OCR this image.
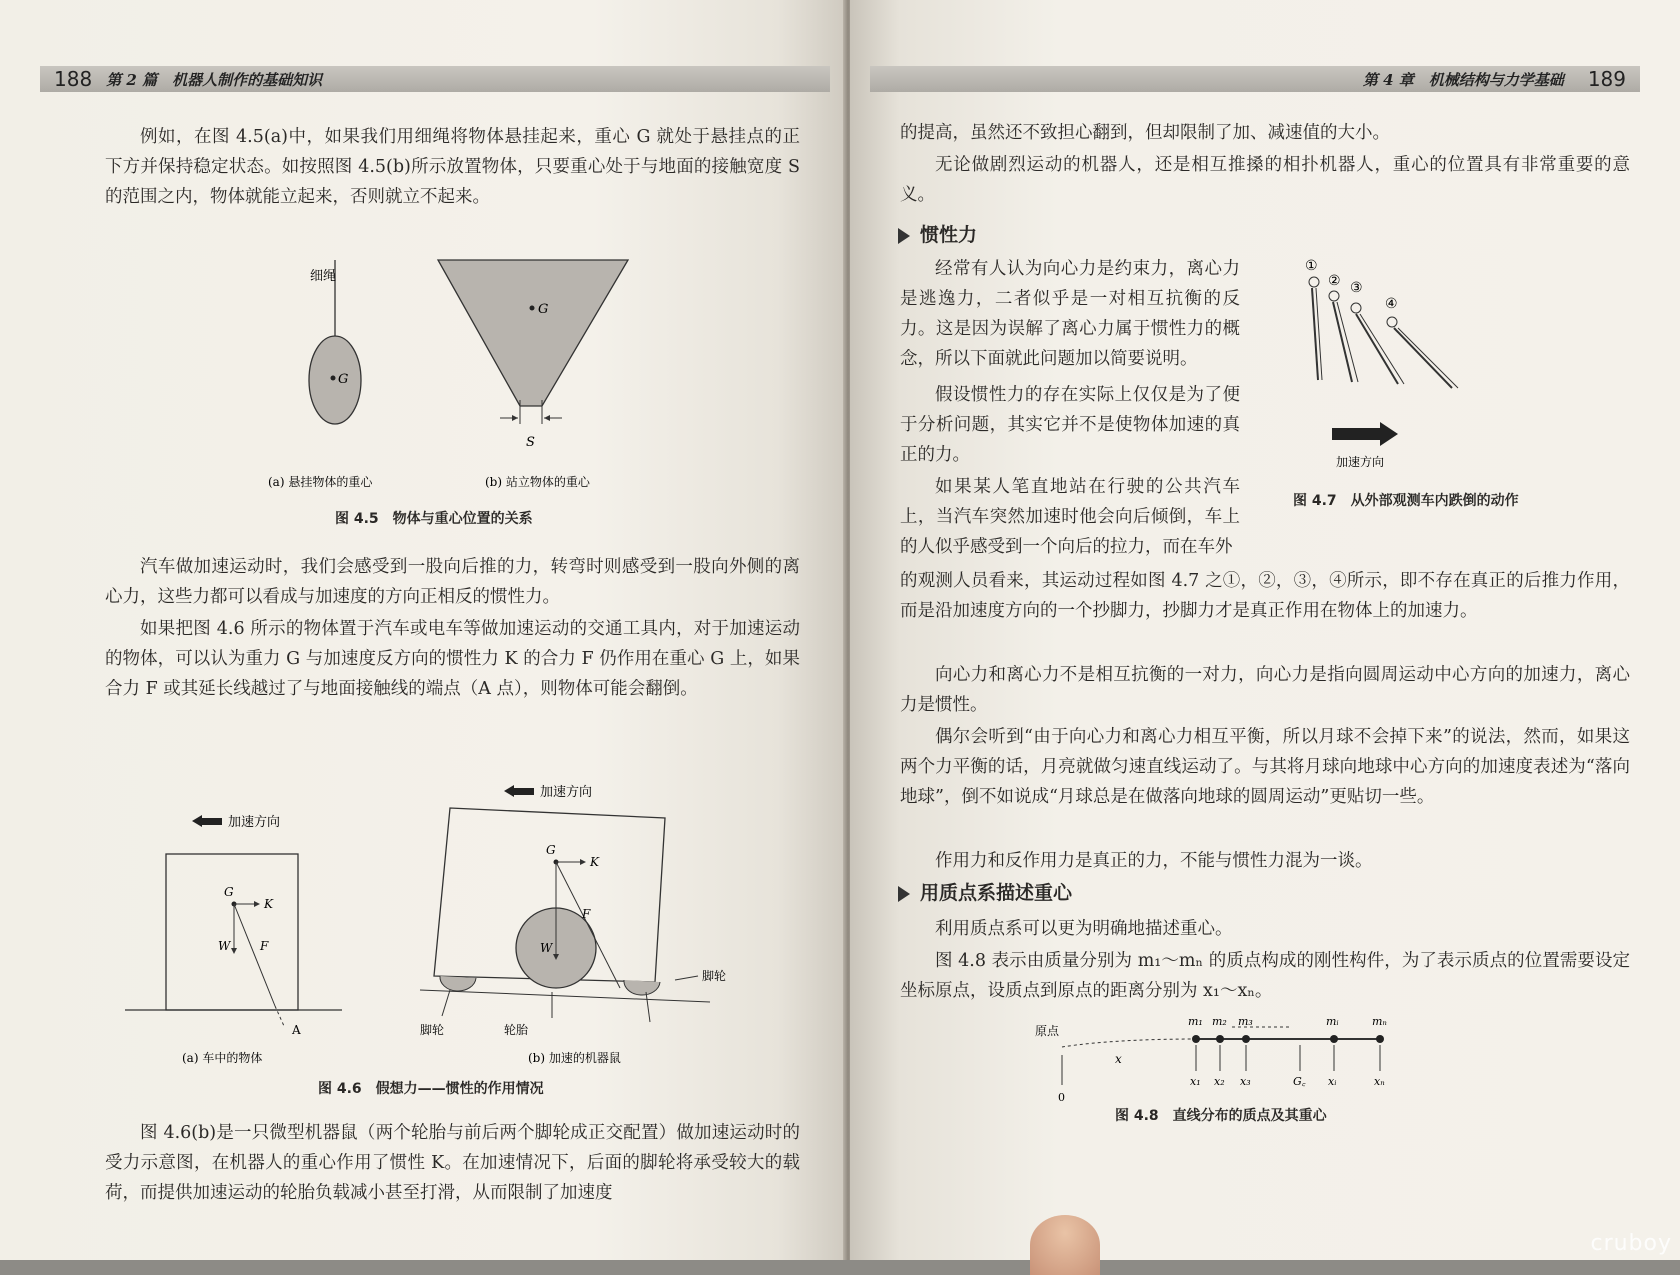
188 第 2 篇　机器人制作的基础知识

例如，在图 4.5(a)中，如果我们用细绳将物体悬挂起来，重心 G 就处于悬挂点的正下方并保持稳定状态。如按照图 4.5(b)所示放置物体，只要重心处于与地面的接触宽度 S 的范围之内，物体就能立起来，否则就立不起来。

细绳
G
G
S
(a) 悬挂物体的重心	(b) 站立物体的重心
图 4.5　物体与重心位置的关系

汽车做加速运动时，我们会感受到一股向后推的力，转弯时则感受到一股向外侧的离心力，这些力都可以看成与加速度的方向正相反的惯性力。

如果把图 4.6 所示的物体置于汽车或电车等做加速运动的交通工具内，对于加速运动的物体，可以认为重力 G 与加速度反方向的惯性力 K 的合力 F 仍作用在重心 G 上，如果合力 F 或其延长线越过了与地面接触线的端点（A 点），则物体可能会翻倒。

加速方向
G
K
W F
A
(a) 车中的物体
加速方向
G
K
W
F
脚轮
脚轮	轮胎
(b) 加速的机器鼠
图 4.6　假想力——惯性的作用情况

图 4.6(b)是一只微型机器鼠（两个轮胎与前后两个脚轮成正交配置）做加速运动时的受力示意图，在机器人的重心作用了惯性 K。在加速情况下，后面的脚轮将承受较大的载荷，而提供加速运动的轮胎负载减小甚至打滑，从而限制了加速度

第 4 章　机械结构与力学基础 189

的提高，虽然还不致担心翻到，但却限制了加、减速值的大小。

无论做剧烈运动的机器人，还是相互推搡的相扑机器人，重心的位置具有非常重要的意义。

惯性力

经常有人认为向心力是约束力，离心力是逃逸力，二者似乎是一对相互抗衡的反力。这是因为误解了离心力属于惯性力的概念，所以下面就此问题加以简要说明。

假设惯性力的存在实际上仅仅是为了便于分析问题，其实它并不是使物体加速的真正的力。

如果某人笔直地站在行驶的公共汽车上，当汽车突然加速时他会向后倾倒，车上的人似乎感受到一个向后的拉力，而在车外

的观测人员看来，其运动过程如图 4.7 之①，②，③，④所示，即不存在真正的后推力作用，而是沿加速度方向的一个抄脚力，抄脚力才是真正作用在物体上的加速力。

①
② ③
④
加速方向
图 4.7　从外部观测车内跌倒的动作

向心力和离心力不是相互抗衡的一对力，向心力是指向圆周运动中心方向的加速力，离心力是惯性。

偶尔会听到“由于向心力和离心力相互平衡，所以月球不会掉下来”的说法，然而，如果这两个力平衡的话，月亮就做匀速直线运动了。与其将月球向地球中心方向的加速度表述为“落向地球”，倒不如说成“月球总是在做落向地球的圆周运动”更贴切一些。

作用力和反作用力是真正的力，不能与惯性力混为一谈。

用质点系描述重心

利用质点系可以更为明确地描述重心。

图 4.8 表示由质量分别为 m₁～mₙ 的质点构成的刚性构件，为了表示质点的位置需要设定坐标原点，设质点到原点的距离分别为 x₁～xₙ。

原点
0
x
m₁ m₂ m₃	mᵢ	mₙ
x₁ x₂ x₃	G꜀ xᵢ	xₙ
图 4.8　直线分布的质点及其重心
cruboy
